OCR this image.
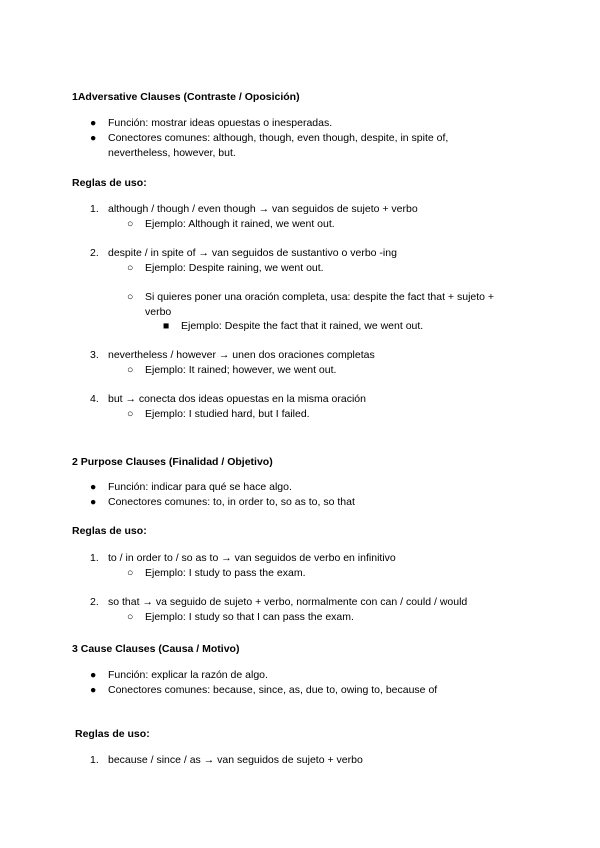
1Adversative Clauses (Contraste / Oposición)
● Función: mostrar ideas opuestas o inesperadas.
● Conectores comunes: although, though, even though, despite, in spite of,
nevertheless, however, but.
Reglas de uso:
1. although / though / even though → van seguidos de sujeto + verbo
○ Ejemplo: Although it rained, we went out.
2. despite / in spite of → van seguidos de sustantivo o verbo -ing
○ Ejemplo: Despite raining, we went out.
○ Si quieres poner una oración completa, usa: despite the fact that + sujeto +
verbo
■ Ejemplo: Despite the fact that it rained, we went out.
3. nevertheless / however → unen dos oraciones completas
○ Ejemplo: It rained; however, we went out.
4. but → conecta dos ideas opuestas en la misma oración
○ Ejemplo: I studied hard, but I failed.
2 Purpose Clauses (Finalidad / Objetivo)
● Función: indicar para qué se hace algo.
● Conectores comunes: to, in order to, so as to, so that
Reglas de uso:
1. to / in order to / so as to → van seguidos de verbo en infinitivo
○ Ejemplo: I study to pass the exam.
2. so that → va seguido de sujeto + verbo, normalmente con can / could / would
○ Ejemplo: I study so that I can pass the exam.
3 Cause Clauses (Causa / Motivo)
● Función: explicar la razón de algo.
● Conectores comunes: because, since, as, due to, owing to, because of
Reglas de uso:
1. because / since / as → van seguidos de sujeto + verbo
